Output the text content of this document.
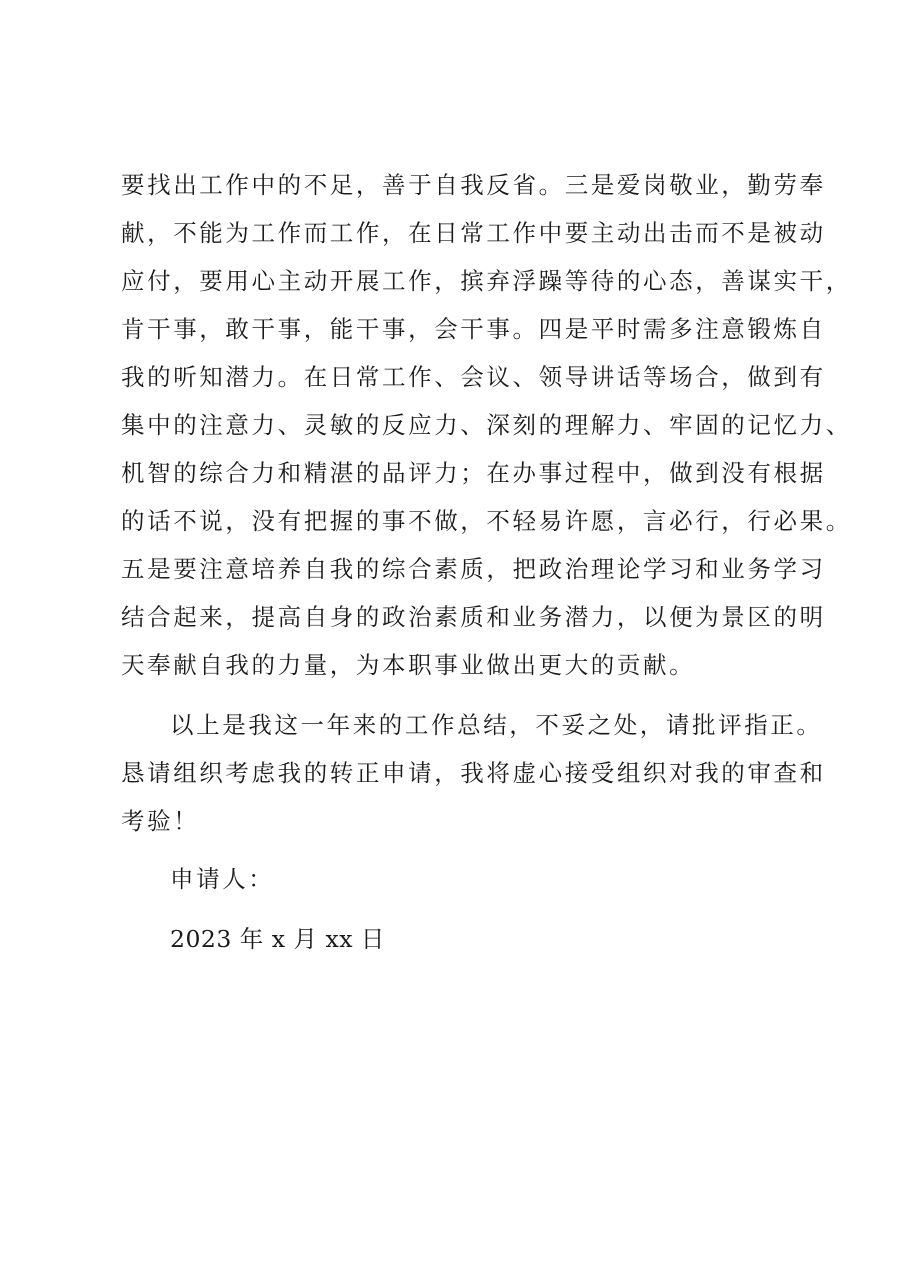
要找出工作中的不足，善于自我反省。三是爱岗敬业，勤劳奉
献，不能为工作而工作，在日常工作中要主动出击而不是被动
应付，要用心主动开展工作，摈弃浮躁等待的心态，善谋实干，
肯干事，敢干事，能干事，会干事。四是平时需多注意锻炼自
我的听知潜力。在日常工作、会议、领导讲话等场合，做到有
集中的注意力、灵敏的反应力、深刻的理解力、牢固的记忆力、
机智的综合力和精湛的品评力；在办事过程中，做到没有根据
的话不说，没有把握的事不做，不轻易许愿，言必行，行必果。
五是要注意培养自我的综合素质，把政治理论学习和业务学习
结合起来，提高自身的政治素质和业务潜力，以便为景区的明
天奉献自我的力量，为本职事业做出更大的贡献。
以上是我这一年来的工作总结，不妥之处，请批评指正。
恳请组织考虑我的转正申请，我将虚心接受组织对我的审查和
考验！
申请人：
2023 年 x 月 xx 日
